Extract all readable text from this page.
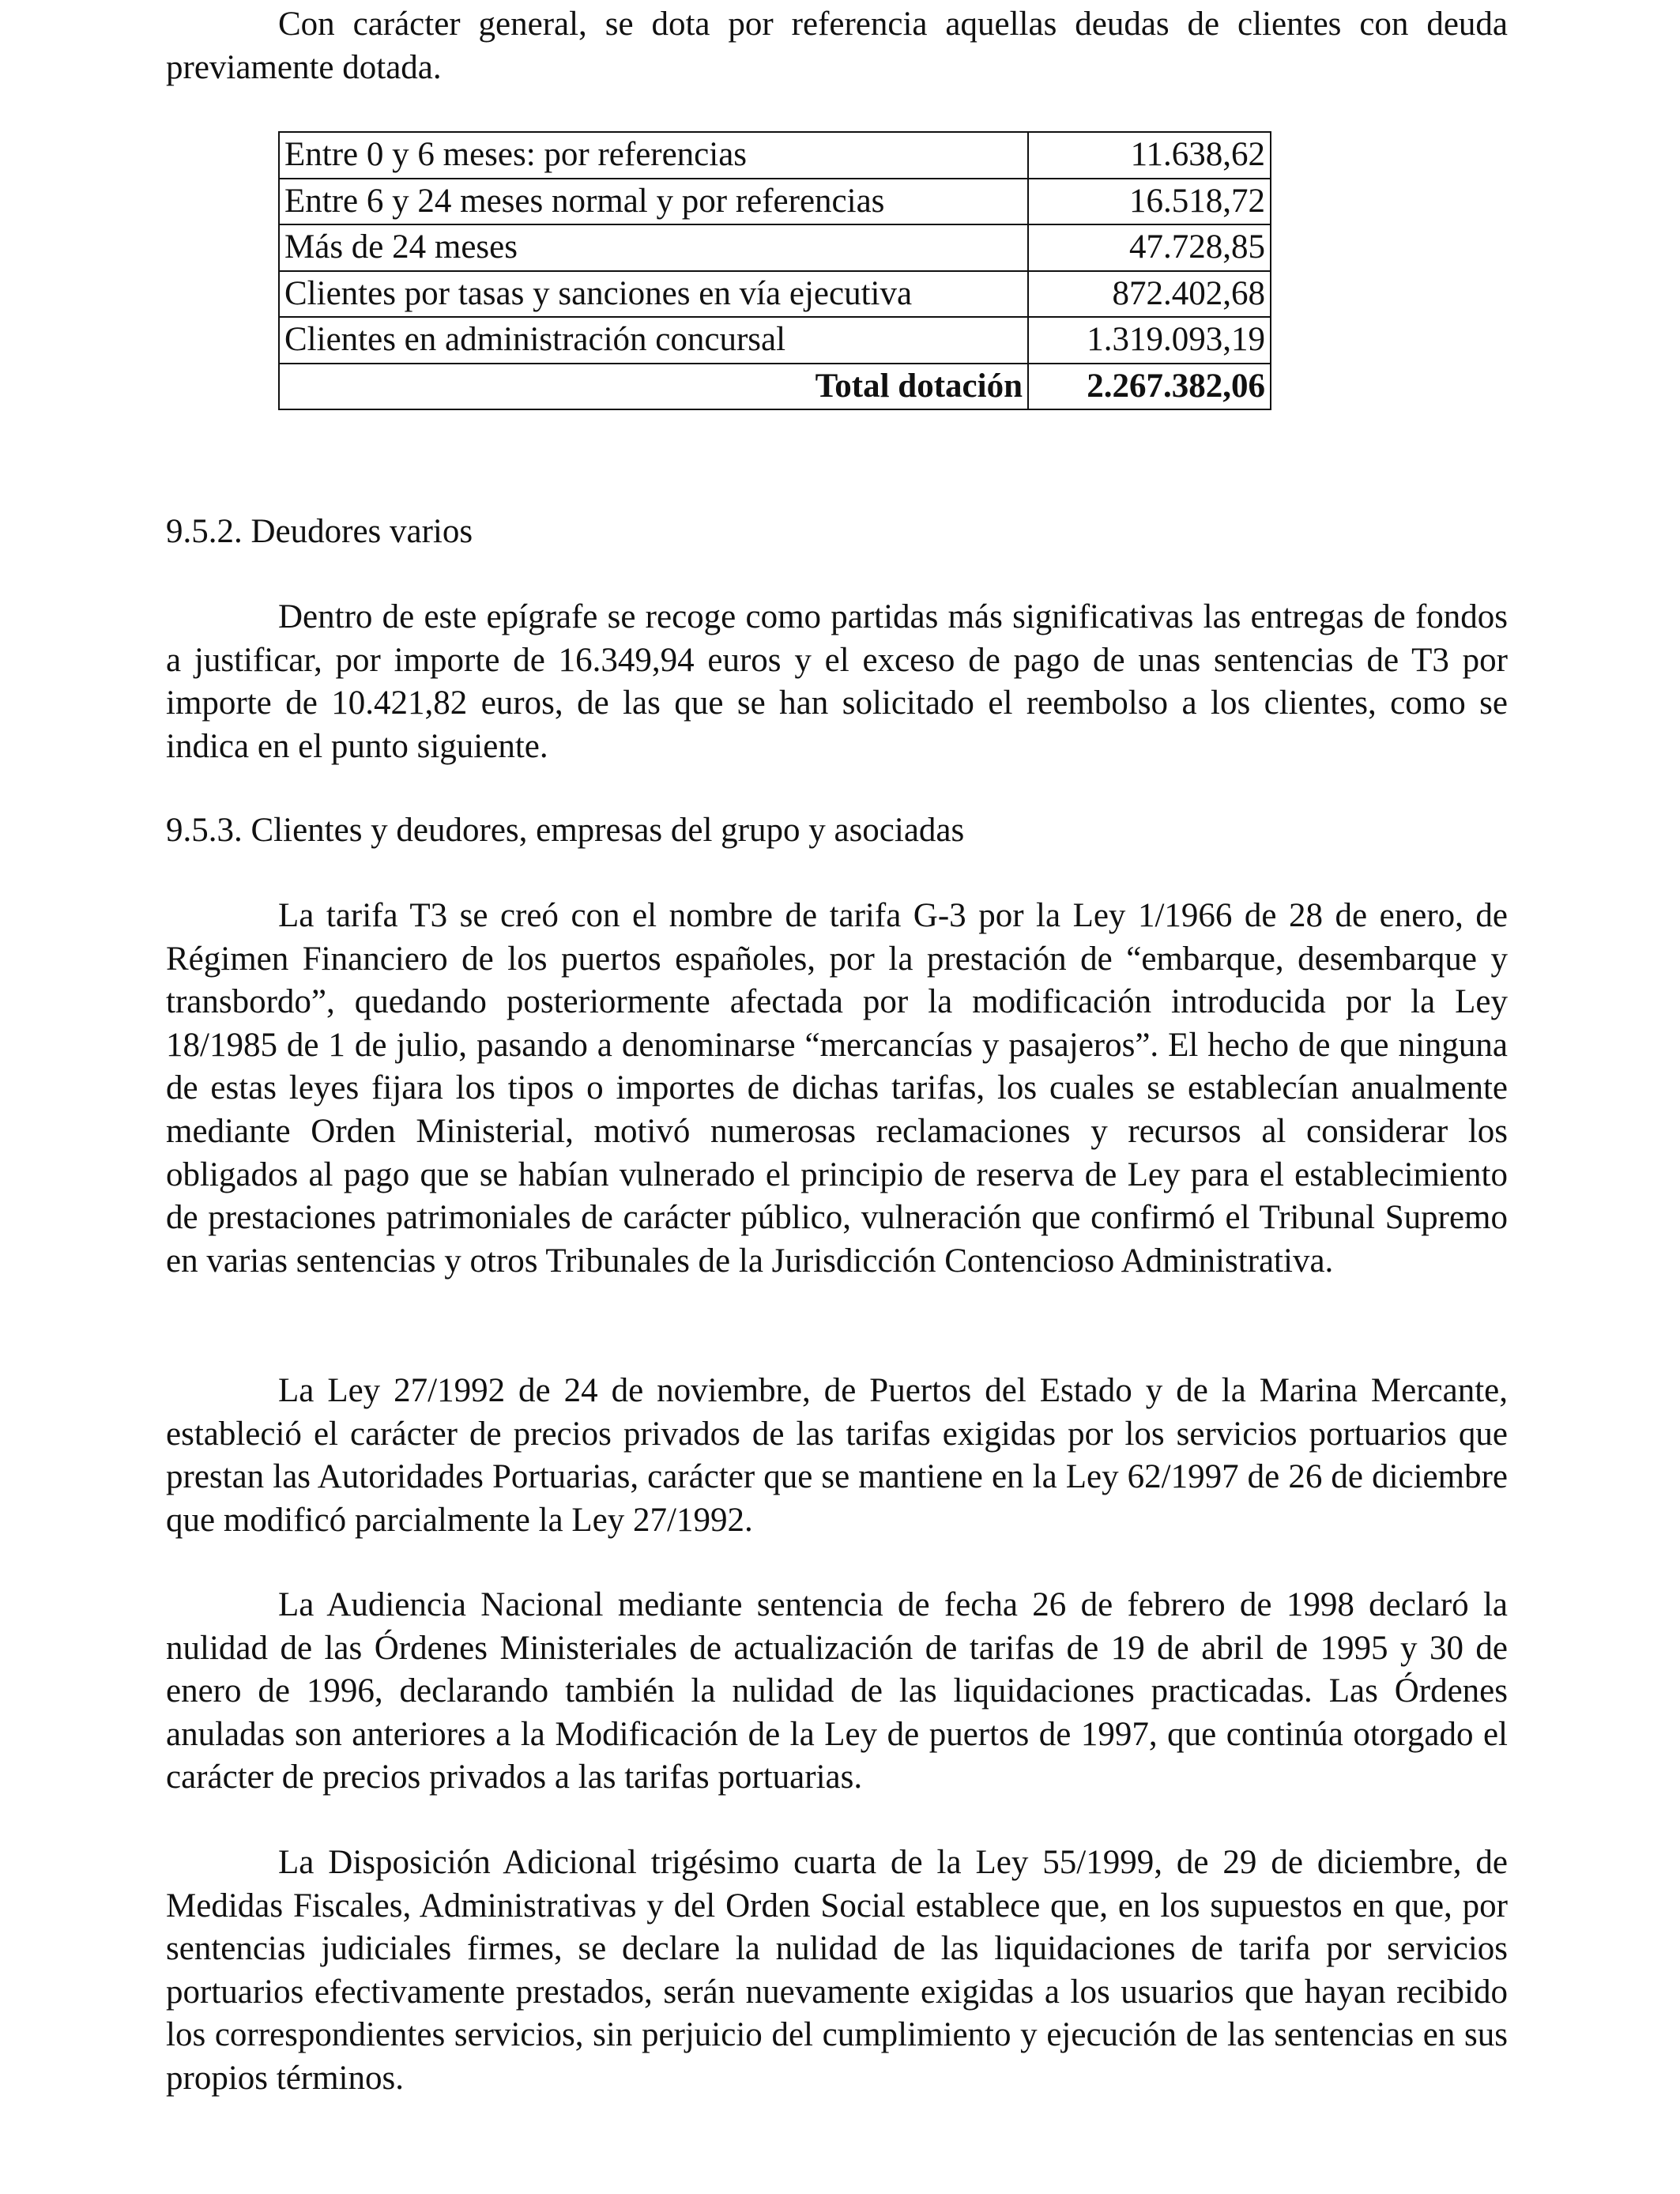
Con carácter general, se dota por referencia aquellas deudas de clientes con deuda previamente dotada.

Entre 0 y 6 meses: por referencias	11.638,62
Entre 6 y 24 meses normal y por referencias	16.518,72
Más de 24 meses	47.728,85
Clientes por tasas y sanciones en vía ejecutiva	872.402,68
Clientes en administración concursal	1.319.093,19
Total dotación	2.267.382,06

9.5.2. Deudores varios

Dentro de este epígrafe se recoge como partidas más significativas las entregas de fondos a justificar, por importe de 16.349,94 euros y el exceso de pago de unas sentencias de T3 por importe de 10.421,82 euros, de las que se han solicitado el reembolso a los clientes, como se indica en el punto siguiente.

9.5.3. Clientes y deudores, empresas del grupo y asociadas

La tarifa T3 se creó con el nombre de tarifa G-3 por la Ley 1/1966 de 28 de enero, de Régimen Financiero de los puertos españoles, por la prestación de “embarque, desembarque y transbordo”, quedando posteriormente afectada por la modificación introducida por la Ley 18/1985 de 1 de julio, pasando a denominarse “mercancías y pasajeros”. El hecho de que ninguna de estas leyes fijara los tipos o importes de dichas tarifas, los cuales se establecían anualmente mediante Orden Ministerial, motivó numerosas reclamaciones y recursos al considerar los obligados al pago que se habían vulnerado el principio de reserva de Ley para el establecimiento de prestaciones patrimoniales de carácter público, vulneración que confirmó el Tribunal Supremo en varias sentencias y otros Tribunales de la Jurisdicción Contencioso Administrativa.

La Ley 27/1992 de 24 de noviembre, de Puertos del Estado y de la Marina Mercante, estableció el carácter de precios privados de las tarifas exigidas por los servicios portuarios que prestan las Autoridades Portuarias, carácter que se mantiene en la Ley 62/1997 de 26 de diciembre que modificó parcialmente la Ley 27/1992.

La Audiencia Nacional mediante sentencia de fecha 26 de febrero de 1998 declaró la nulidad de las Órdenes Ministeriales de actualización de tarifas de 19 de abril de 1995 y 30 de enero de 1996, declarando también la nulidad de las liquidaciones practicadas. Las Órdenes anuladas son anteriores a la Modificación de la Ley de puertos de 1997, que continúa otorgado el carácter de precios privados a las tarifas portuarias.

La Disposición Adicional trigésimo cuarta de la Ley 55/1999, de 29 de diciembre, de Medidas Fiscales, Administrativas y del Orden Social establece que, en los supuestos en que, por sentencias judiciales firmes, se declare la nulidad de las liquidaciones de tarifa por servicios portuarios efectivamente prestados, serán nuevamente exigidas a los usuarios que hayan recibido los correspondientes servicios, sin perjuicio del cumplimiento y ejecución de las sentencias en sus propios términos.
